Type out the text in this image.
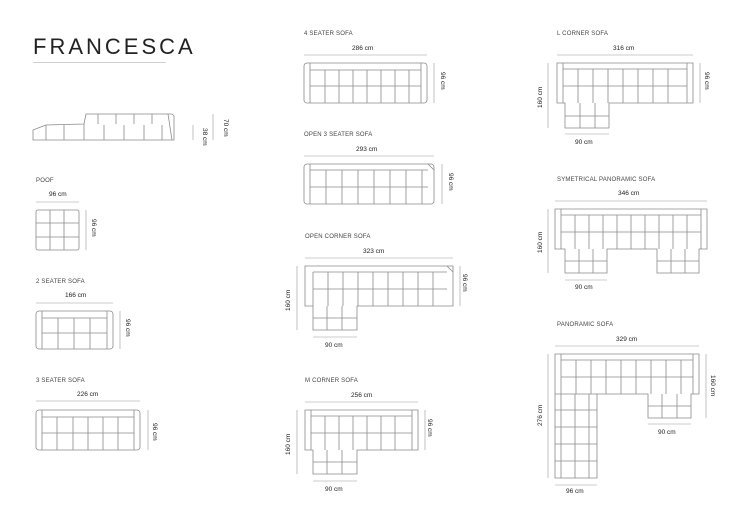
FRANCESCA
70 cm
38 cm
POOF
96 cm
96 cm
2 SEATER SOFA
166 cm
96 cm
3 SEATER SOFA
226 cm
96 cm
4 SEATER SOFA
286 cm
96 cm
OPEN 3 SEATER SOFA
293 cm
96 cm
OPEN CORNER SOFA
323 cm
96 cm
160 cm
90 cm
M CORNER SOFA
256 cm
96 cm
160 cm
90 cm
L CORNER SOFA
316 cm
96 cm
160 cm
90 cm
SYMETRICAL PANORAMIC SOFA
346 cm
160 cm
90 cm
PANORAMIC SOFA
329 cm
160 cm
276 cm
90 cm
96 cm
